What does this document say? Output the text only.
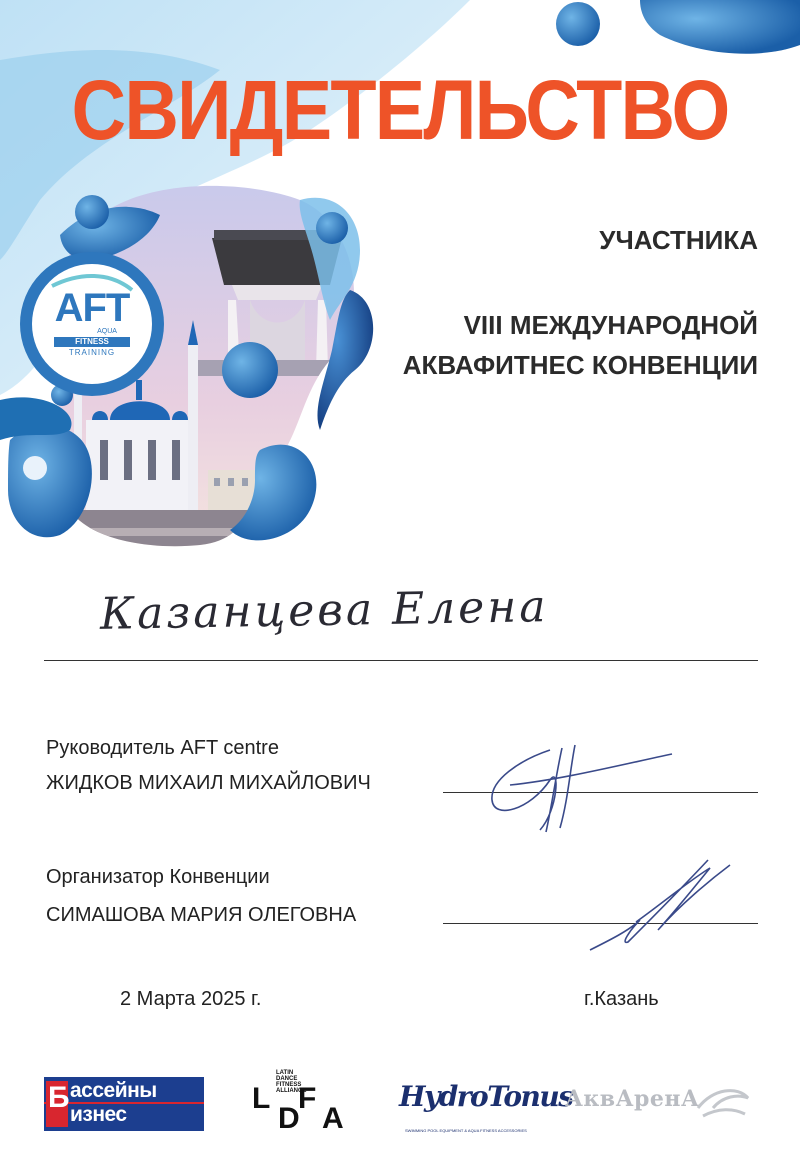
AFT
AQUA
FITNESS
TRAINING
СВИДЕТЕЛЬСТВО
УЧАСТНИКА
VIII МЕЖДУНАРОДНОЙ
АКВАФИТНЕС КОНВЕНЦИИ
Казанцева Елена
Руководитель AFT centre
ЖИДКОВ МИХАИЛ МИХАЙЛОВИЧ
Организатор Конвенции
СИМАШОВА МАРИЯ ОЛЕГОВНА
2 Марта 2025 г.	г.Казань
Б ассейны
изнес
LATIN DANCE FITNESS ALLIANCE
L
D
F
A
HydroTonus
SWIMMING POOL EQUIPMENT & AQUA FITNESS ACCESSORIES
АквАренА
